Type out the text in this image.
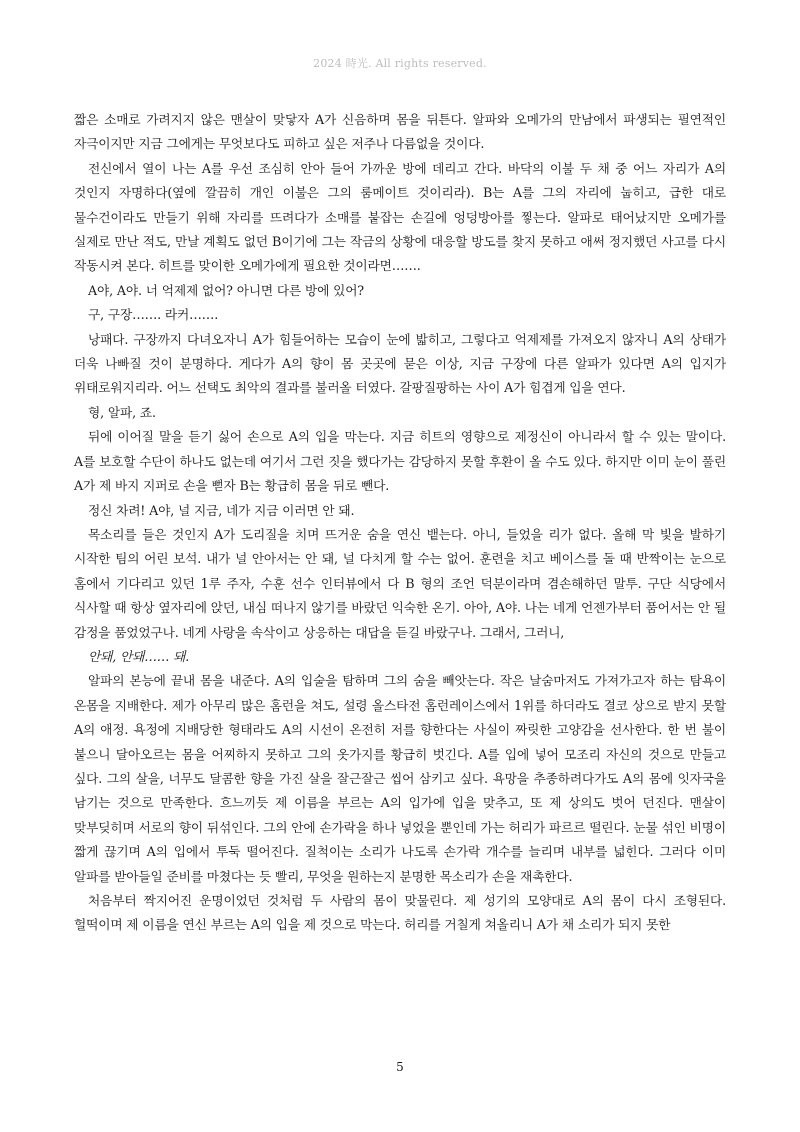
2024 時光. All rights reserved.

짧은 소매로 가려지지 않은 맨살이 맞닿자 A가 신음하며 몸을 뒤튼다. 알파와 오메가의 만남에서 파생되는 필연적인 자극이지만 지금 그에게는 무엇보다도 피하고 싶은 저주나 다름없을 것이다.

전신에서 열이 나는 A를 우선 조심히 안아 들어 가까운 방에 데리고 간다. 바닥의 이불 두 채 중 어느 자리가 A의 것인지 자명하다(옆에 깔끔히 개인 이불은 그의 룸메이트 것이리라). B는 A를 그의 자리에 눕히고, 급한 대로 물수건이라도 만들기 위해 자리를 뜨려다가 소매를 붙잡는 손길에 엉덩방아를 찧는다. 알파로 태어났지만 오메가를 실제로 만난 적도, 만날 계획도 없던 B이기에 그는 작금의 상황에 대응할 방도를 찾지 못하고 애써 정지했던 사고를 다시 작동시켜 본다. 히트를 맞이한 오메가에게 필요한 것이라면…….

A야, A야. 너 억제제 없어? 아니면 다른 방에 있어?

구, 구장……. 라커…….

낭패다. 구장까지 다녀오자니 A가 힘들어하는 모습이 눈에 밟히고, 그렇다고 억제제를 가져오지 않자니 A의 상태가 더욱 나빠질 것이 분명하다. 게다가 A의 향이 몸 곳곳에 묻은 이상, 지금 구장에 다른 알파가 있다면 A의 입지가 위태로워지리라. 어느 선택도 최악의 결과를 불러올 터였다. 갈팡질팡하는 사이 A가 힘겹게 입을 연다.

형, 알파, 죠.

뒤에 이어질 말을 듣기 싫어 손으로 A의 입을 막는다. 지금 히트의 영향으로 제정신이 아니라서 할 수 있는 말이다. A를 보호할 수단이 하나도 없는데 여기서 그런 짓을 했다가는 감당하지 못할 후환이 올 수도 있다. 하지만 이미 눈이 풀린 A가 제 바지 지퍼로 손을 뻗자 B는 황급히 몸을 뒤로 뺀다.

정신 차려! A야, 널 지금, 네가 지금 이러면 안 돼.

목소리를 들은 것인지 A가 도리질을 치며 뜨거운 숨을 연신 뱉는다. 아니, 들었을 리가 없다. 올해 막 빛을 발하기 시작한 팀의 어린 보석. 내가 널 안아서는 안 돼, 널 다치게 할 수는 없어. 훈련을 치고 베이스를 돌 때 반짝이는 눈으로 홈에서 기다리고 있던 1루 주자, 수훈 선수 인터뷰에서 다 B 형의 조언 덕분이라며 겸손해하던 말투. 구단 식당에서 식사할 때 항상 옆자리에 앉던, 내심 떠나지 않기를 바랐던 익숙한 온기. 아아, A야. 나는 네게 언젠가부터 품어서는 안 될 감정을 품었었구나. 네게 사랑을 속삭이고 상응하는 대답을 듣길 바랐구나. 그래서, 그러니,

안돼, 안돼…… 돼.

알파의 본능에 끝내 몸을 내준다. A의 입술을 탐하며 그의 숨을 빼앗는다. 작은 날숨마저도 가져가고자 하는 탐욕이 온몸을 지배한다. 제가 아무리 많은 홈런을 쳐도, 설령 올스타전 홈런레이스에서 1위를 하더라도 결코 상으로 받지 못할 A의 애정. 욕정에 지배당한 형태라도 A의 시선이 온전히 저를 향한다는 사실이 짜릿한 고양감을 선사한다. 한 번 불이 붙으니 달아오르는 몸을 어찌하지 못하고 그의 옷가지를 황급히 벗긴다. A를 입에 넣어 모조리 자신의 것으로 만들고 싶다. 그의 살을, 너무도 달콤한 향을 가진 살을 잘근잘근 씹어 삼키고 싶다. 욕망을 추종하려다가도 A의 몸에 잇자국을 남기는 것으로 만족한다. 흐느끼듯 제 이름을 부르는 A의 입가에 입을 맞추고, 또 제 상의도 벗어 던진다. 맨살이 맞부딪히며 서로의 향이 뒤섞인다. 그의 안에 손가락을 하나 넣었을 뿐인데 가는 허리가 파르르 떨린다. 눈물 섞인 비명이 짧게 끊기며 A의 입에서 투둑 떨어진다. 질척이는 소리가 나도록 손가락 개수를 늘리며 내부를 넓힌다. 그러다 이미 알파를 받아들일 준비를 마쳤다는 듯 빨리, 무엇을 원하는지 분명한 목소리가 손을 재촉한다.

처음부터 짝지어진 운명이었던 것처럼 두 사람의 몸이 맞물린다. 제 성기의 모양대로 A의 몸이 다시 조형된다. 헐떡이며 제 이름을 연신 부르는 A의 입을 제 것으로 막는다. 허리를 거칠게 쳐올리니 A가 채 소리가 되지 못한

5
